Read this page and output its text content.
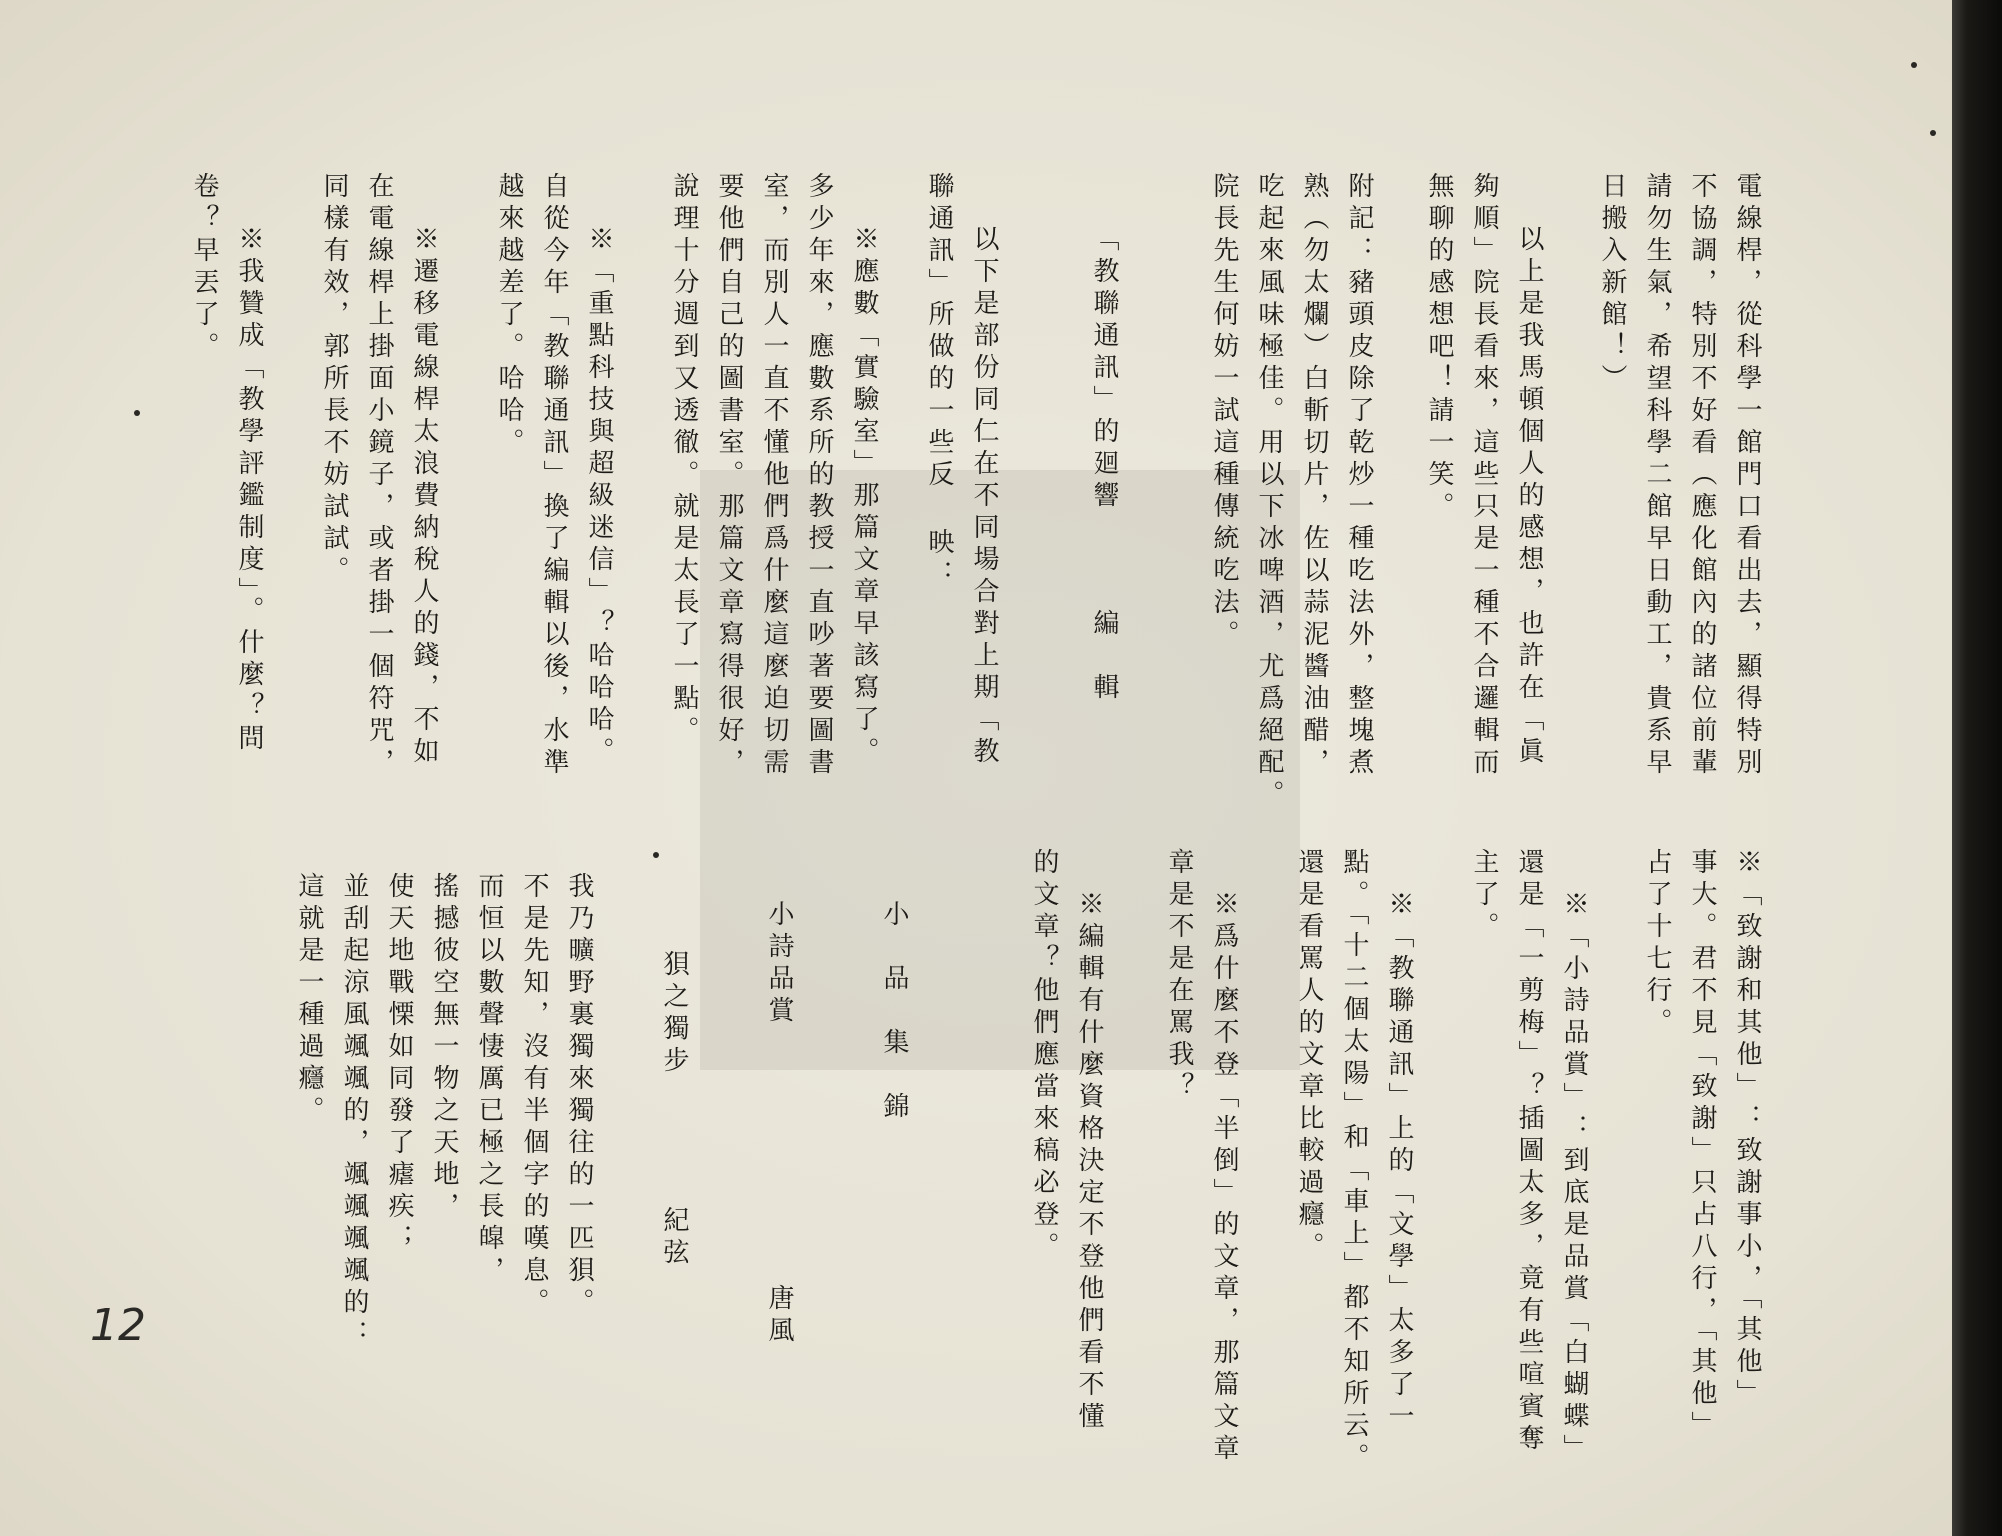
電線桿，從科學一館門口看出去，顯得特別
不協調，特別不好看（應化館內的諸位前輩
請勿生氣，希望科學二館早日動工，貴系早
日搬入新館！）
以上是我馬頓個人的感想，也許在「眞
夠順」院長看來，這些只是一種不合邏輯而
無聊的感想吧！請一笑。
附記：豬頭皮除了乾炒一種吃法外，整塊煮
熟（勿太爛）白斬切片，佐以蒜泥醬油醋，
吃起來風味極佳。用以下冰啤酒，尤爲絕配。
院長先生何妨一試這種傳統吃法。
「教聯通訊」的廻響　　　編　輯
以下是部份同仁在不同場合對上期「教
聯通訊」所做的一些反 映：
※應數「實驗室」那篇文章早該寫了。
多少年來，應數系所的教授一直吵著要圖書
室，而別人一直不懂他們爲什麼這麼迫切需
要他們自己的圖書室。那篇文章寫得很好，
說理十分週到又透徹。就是太長了一點。
※「重點科技與超級迷信」？哈哈哈。
自從今年「教聯通訊」換了編輯以後，水準
越來越差了。哈哈。
※遷移電線桿太浪費納稅人的錢，不如
在電線桿上掛面小鏡子，或者掛一個符咒，
同樣有效，郭所長不妨試試。
※我贊成「教學評鑑制度」。什麼？問
卷？早丟了。
※「致謝和其他」：致謝事小，「其他」
事大。君不見「致謝」只占八行，「其他」
占了十七行。
※「小詩品賞」：到底是品賞「白蝴蝶」
還是「一剪梅」？插圖太多，竟有些喧賓奪
主了。
※「教聯通訊」上的「文學」太多了一
點。「十二個太陽」和「車上」都不知所云。
還是看罵人的文章比較過癮。
※爲什麼不登「半倒」的文章，那篇文章
章是不是在罵我？
※編輯有什麼資格決定不登他們看不懂
的文章？他們應當來稿必登。
小　品　集　錦
小詩品賞　　　　　　　　唐風
狽之獨步　　　　紀弦
我乃曠野裏獨來獨往的一匹狽。
不是先知，沒有半個字的嘆息。
而恒以數聲悽厲已極之長皡，
搖撼彼空無一物之天地，
使天地戰慄如同發了瘧疾；
並刮起涼風颯颯的，颯颯颯颯的：
這就是一種過癮。
12
